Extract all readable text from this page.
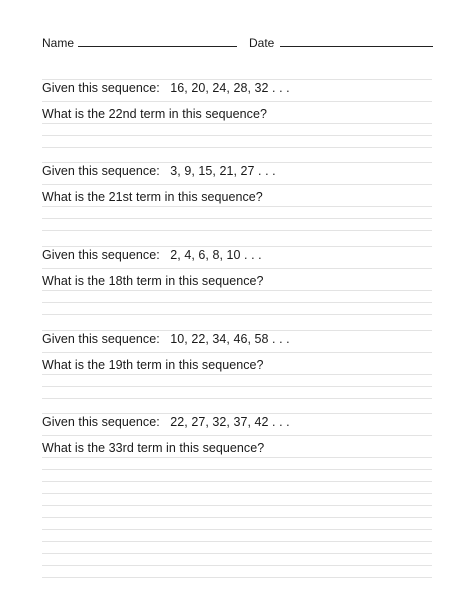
Name	Date
Given this sequence:   16, 20, 24, 28, 32 . . .
What is the 22nd term in this sequence?
Given this sequence:   3, 9, 15, 21, 27 . . .
What is the 21st term in this sequence?
Given this sequence:   2, 4, 6, 8, 10 . . .
What is the 18th term in this sequence?
Given this sequence:   10, 22, 34, 46, 58 . . .
What is the 19th term in this sequence?
Given this sequence:   22, 27, 32, 37, 42 . . .
What is the 33rd term in this sequence?
